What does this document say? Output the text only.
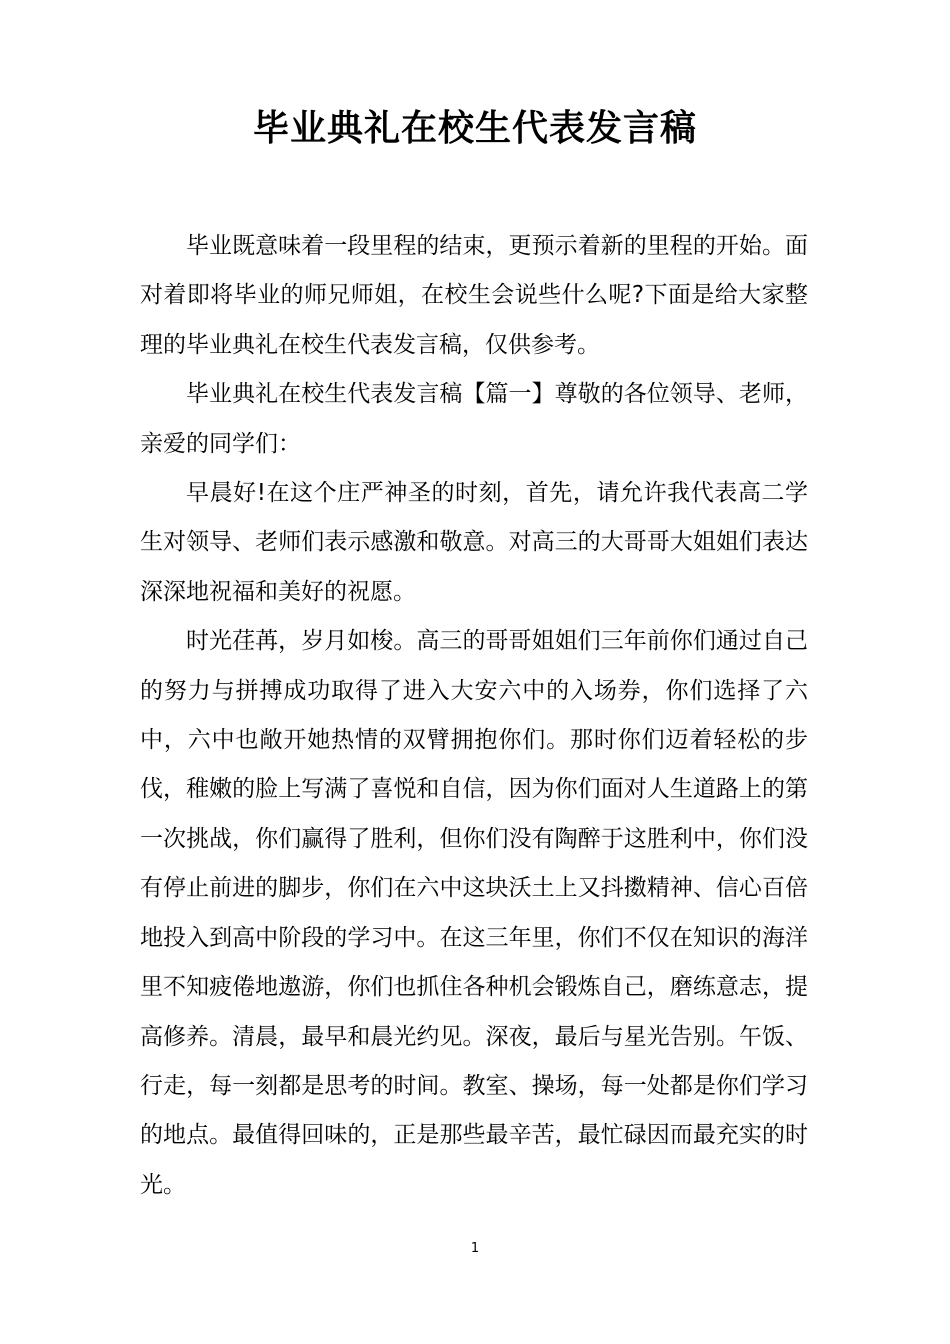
毕业典礼在校生代表发言稿

毕业既意味着一段里程的结束，更预示着新的里程的开始。面对着即将毕业的师兄师姐，在校生会说些什么呢?下面是给大家整理的毕业典礼在校生代表发言稿，仅供参考。

毕业典礼在校生代表发言稿【篇一】尊敬的各位领导、老师，亲爱的同学们：

早晨好!在这个庄严神圣的时刻，首先，请允许我代表高二学生对领导、老师们表示感激和敬意。对高三的大哥哥大姐姐们表达深深地祝福和美好的祝愿。

时光荏苒，岁月如梭。高三的哥哥姐姐们三年前你们通过自己的努力与拼搏成功取得了进入大安六中的入场券，你们选择了六中，六中也敞开她热情的双臂拥抱你们。那时你们迈着轻松的步伐，稚嫩的脸上写满了喜悦和自信，因为你们面对人生道路上的第一次挑战，你们赢得了胜利，但你们没有陶醉于这胜利中，你们没有停止前进的脚步，你们在六中这块沃土上又抖擞精神、信心百倍地投入到高中阶段的学习中。在这三年里，你们不仅在知识的海洋里不知疲倦地遨游，你们也抓住各种机会锻炼自己，磨练意志，提高修养。清晨，最早和晨光约见。深夜，最后与星光告别。午饭、行走，每一刻都是思考的时间。教室、操场，每一处都是你们学习的地点。最值得回味的，正是那些最辛苦，最忙碌因而最充实的时光。

1
